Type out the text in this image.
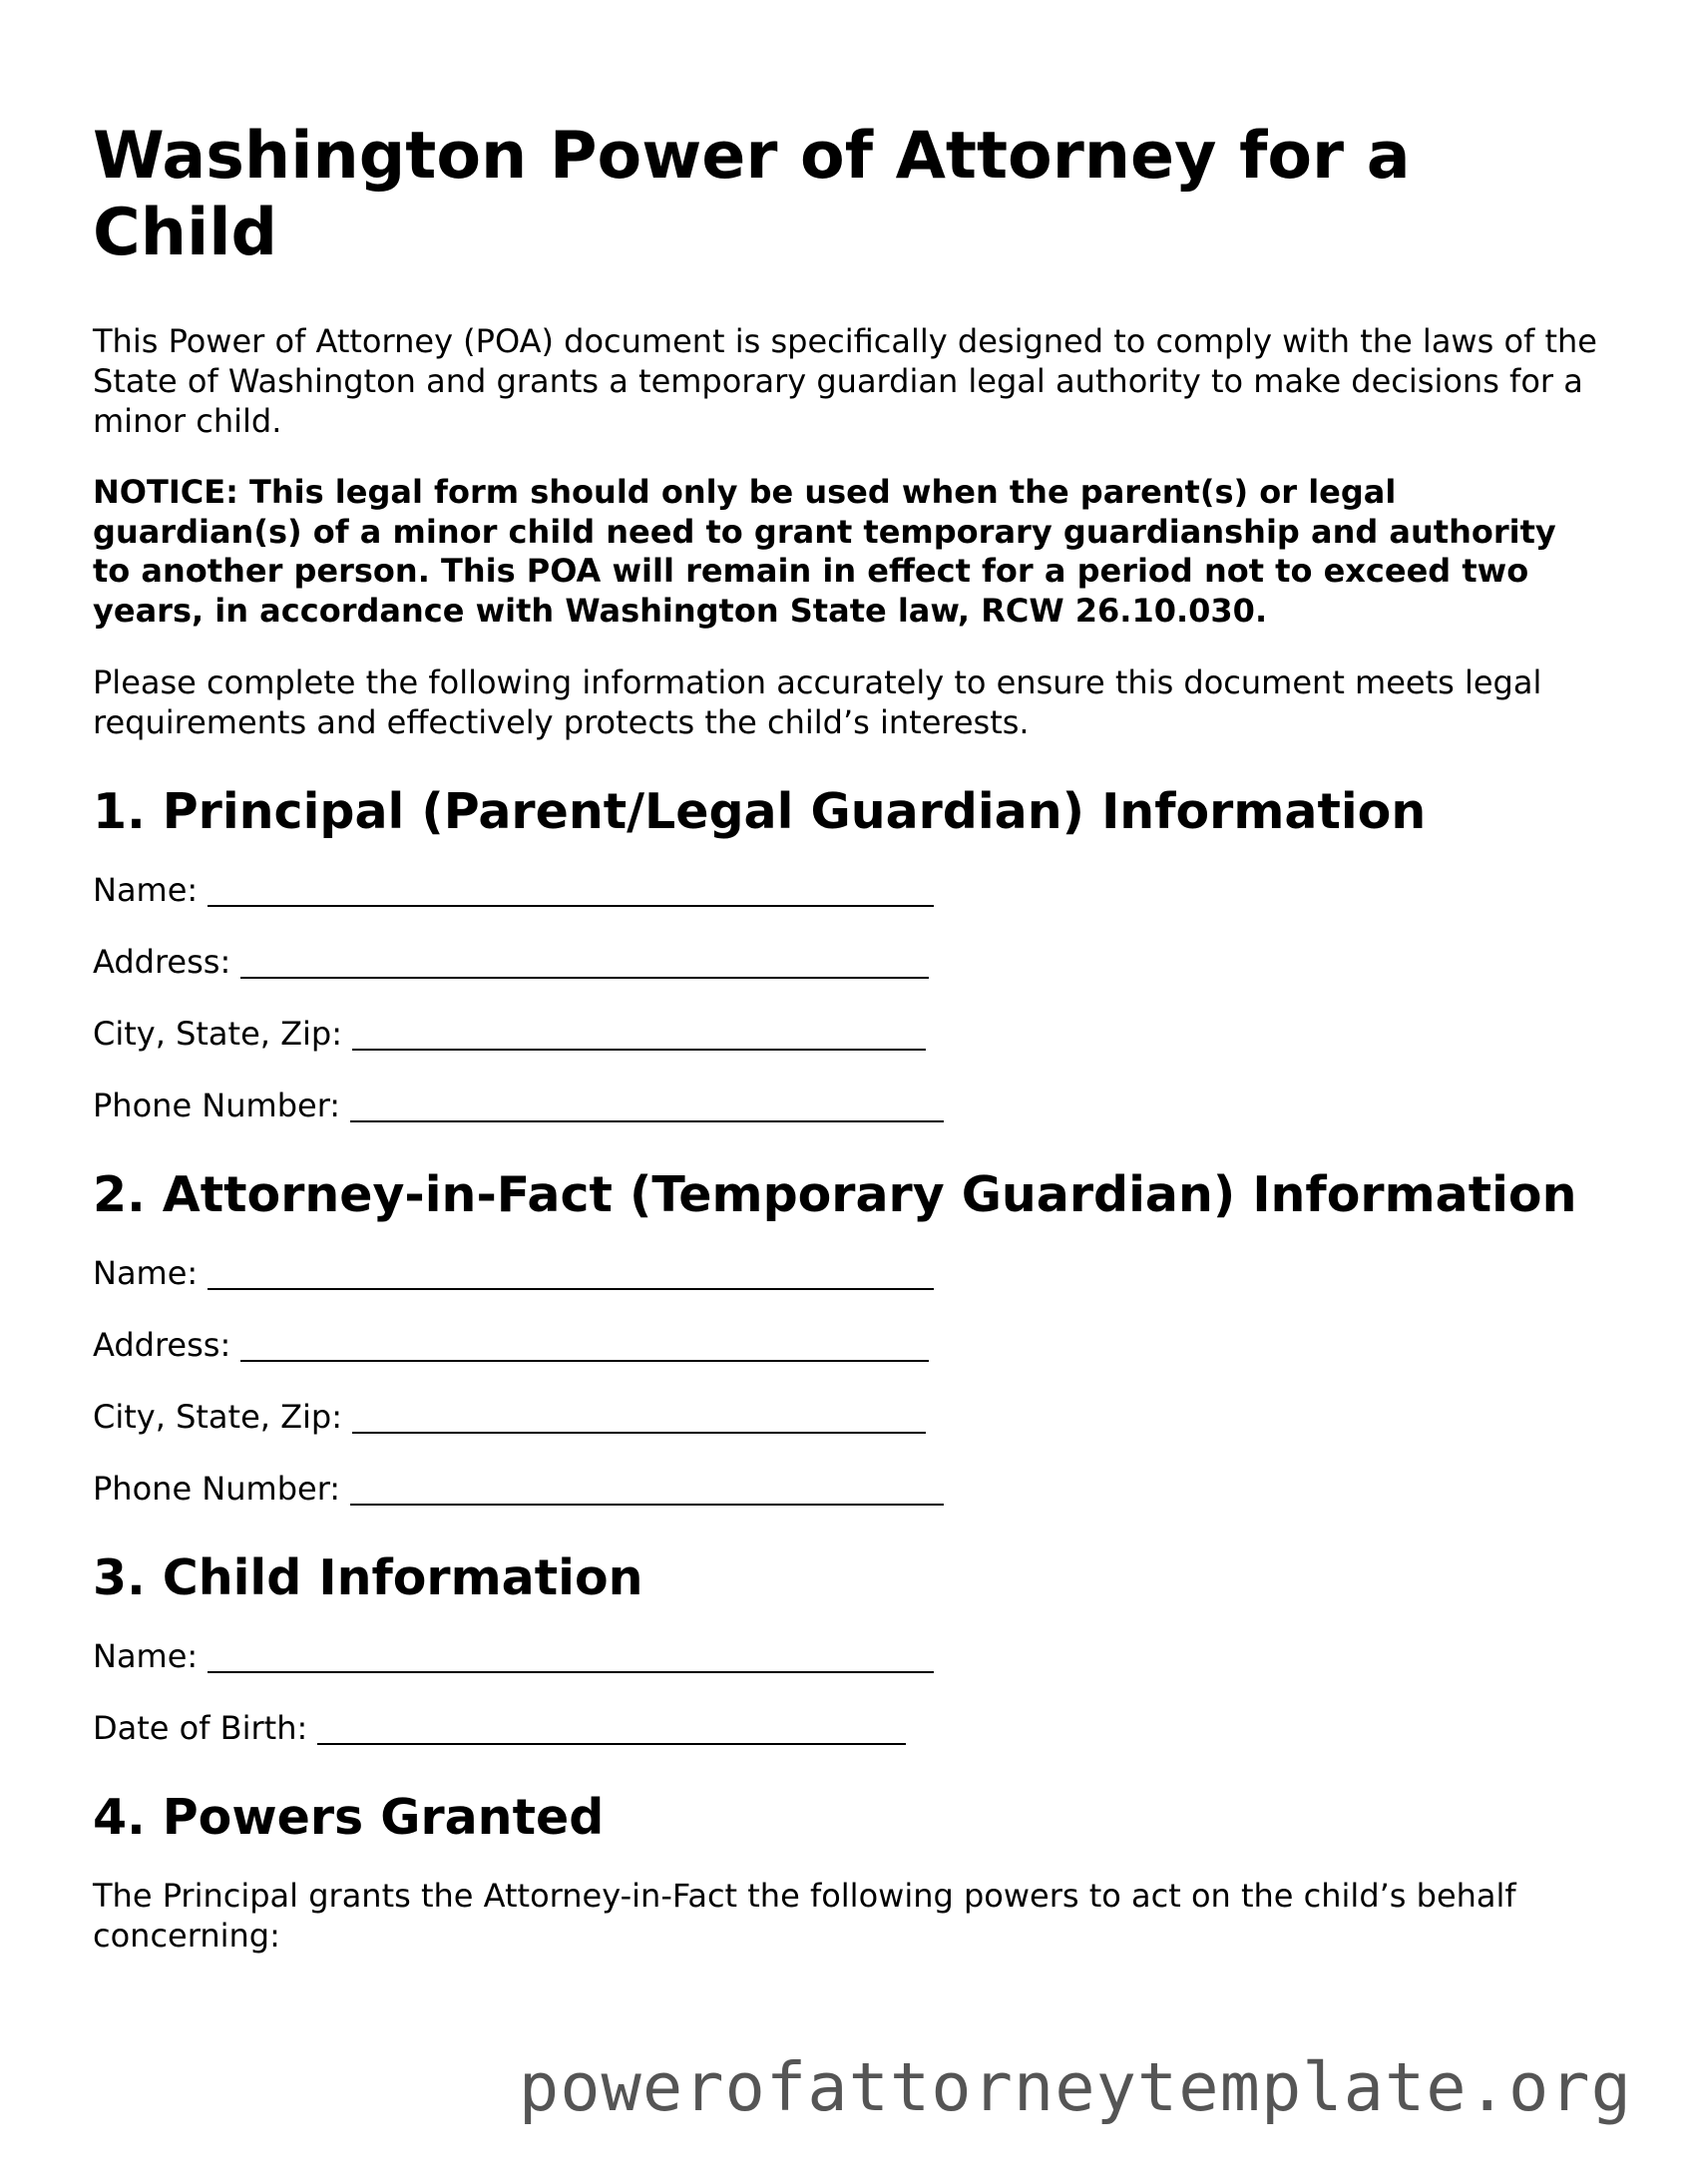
Washington Power of Attorney for a Child

This Power of Attorney (POA) document is specifically designed to comply with the laws of the State of Washington and grants a temporary guardian legal authority to make decisions for a minor child.

NOTICE: This legal form should only be used when the parent(s) or legal guardian(s) of a minor child need to grant temporary guardianship and authority to another person. This POA will remain in effect for a period not to exceed two years, in accordance with Washington State law, RCW 26.10.030.

Please complete the following information accurately to ensure this document meets legal requirements and effectively protects the child’s interests.

1. Principal (Parent/Legal Guardian) Information
Name:
Address:
City, State, Zip:
Phone Number:
2. Attorney-in-Fact (Temporary Guardian) Information
Name:
Address:
City, State, Zip:
Phone Number:
3. Child Information
Name:
Date of Birth:
4. Powers Granted

The Principal grants the Attorney-in-Fact the following powers to act on the child’s behalf concerning:

powerofattorneytemplate.org
